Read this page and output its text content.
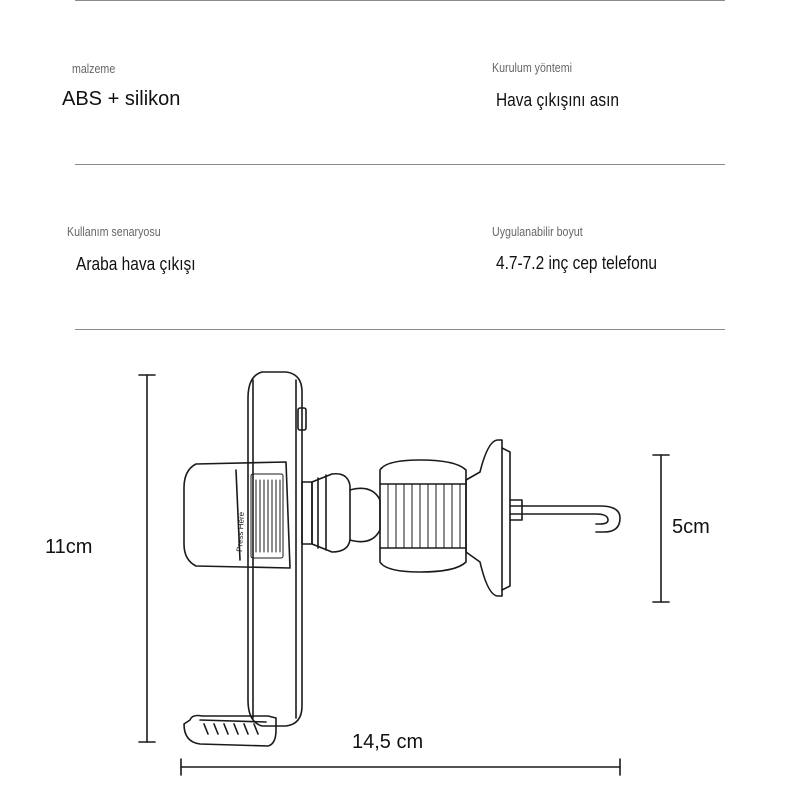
malzeme
ABS + silikon
Kurulum yöntemi
Hava çıkışını asın
Kullanım senaryosu
Araba hava çıkışı
Uygulanabilir boyut
4.7-7.2 inç cep telefonu
Press Here
11cm
5cm
14,5 cm
